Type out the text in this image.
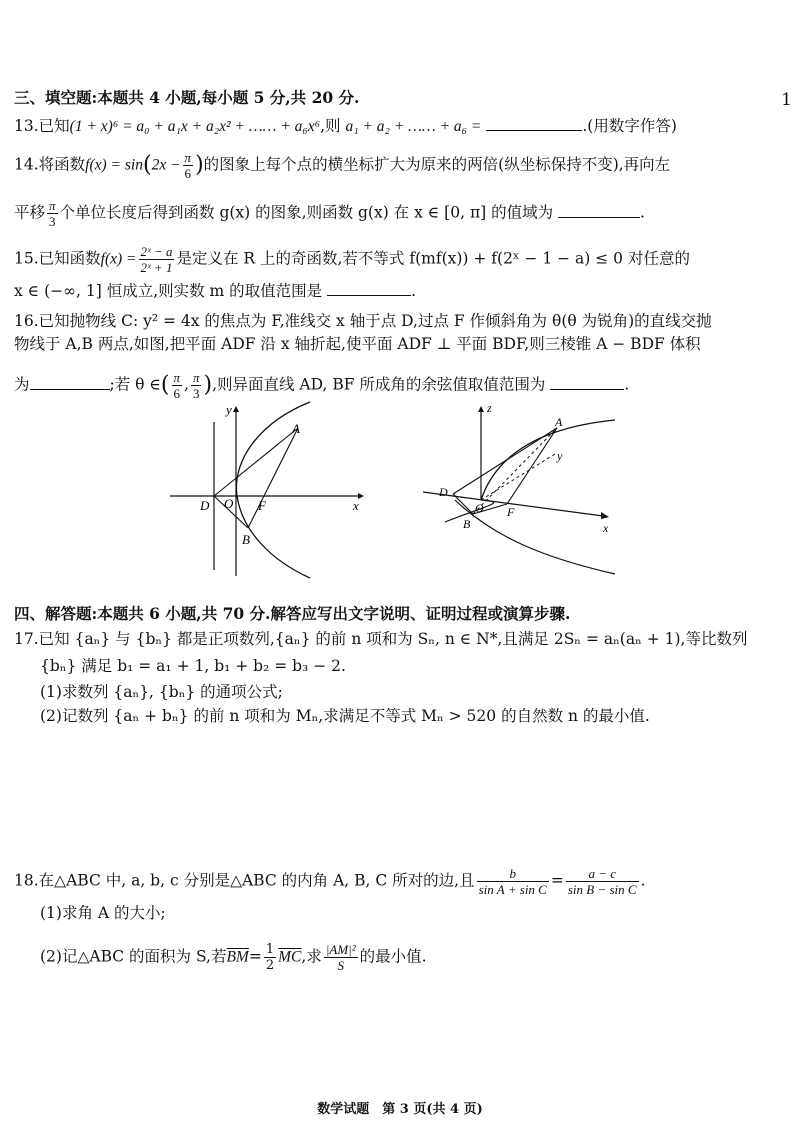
1
三、填空题:本题共 4 小题,每小题 5 分,共 20 分.
13.已知(1 + x)⁶ = a₀ + a₁x + a₂x² + …… + a₆x⁶,则 a₁ + a₂ + …… + a₆ =	.(用数字作答)
14.将函数$f(x) = \sin(2x - \frac{\pi}{6}$ )的图象上每个点的横坐标扩大为原来的两倍(纵坐标保持不变),再向左
平移 $\frac{\pi}{3}$ 个单位长度后得到函数 g(x) 的图象,则函数 g(x) 在 x ∈ [0, π] 的值域为	.
15.已知函数$f(x) = \frac{\text{2ˣ − a}}{\text{2ˣ + 1}}$ 是定义在 R 上的奇函数,若不等式 f(mf(x)) + f(2ˣ − 1 − a) ≤ 0 对任意的
x ∈ (−∞, 1] 恒成立,则实数 m 的取值范围是	.
16.已知抛物线 C: y² = 4x 的焦点为 F,准线交 x 轴于点 D,过点 F 作倾斜角为 θ(θ 为锐角)的直线交抛
物线于 A,B 两点,如图,把平面 ADF 沿 x 轴折起,使平面 ADF ⊥ 平面 BDF,则三棱锥 A − BDF 体积
为	;若 θ ∈( $\frac{\pi}{6}$ , $\frac{\pi}{3}$ ),则异面直线 AD, BF 所成角的余弦值取值范围为	.
y
x
A
B
D O F
z
y
x
A
B
D
O F
四、解答题:本题共 6 小题,共 70 分.解答应写出文字说明、证明过程或演算步骤.
17.已知 {aₙ} 与 {bₙ} 都是正项数列,{aₙ} 的前 n 项和为 Sₙ, n ∈ N*,且满足 2Sₙ = aₙ(aₙ + 1),等比数列
{bₙ} 满足 b₁ = a₁ + 1, b₁ + b₂ = b₃ − 2.
(1)求数列 {aₙ}, {bₙ} 的通项公式;
(2)记数列 {aₙ + bₙ} 的前 n 项和为 Mₙ,求满足不等式 Mₙ > 520 的自然数 n 的最小值.
18.在△ABC 中, a, b, c 分别是△ABC 的内角 A, B, C 所对的边,且 $\frac{b}{\text{sin A + sin C}} = \frac{a - c}{\text{sin B − sin C}}$ .
(1)求角 A 的大小;
(2)记△ABC 的面积为 S,若$\overline{BM}= \frac{1}{2} \overline{MC}$,求 $\frac{\text{|AM|²}}{S}$ 的最小值.
数学试题　第 3 页(共 4 页)
